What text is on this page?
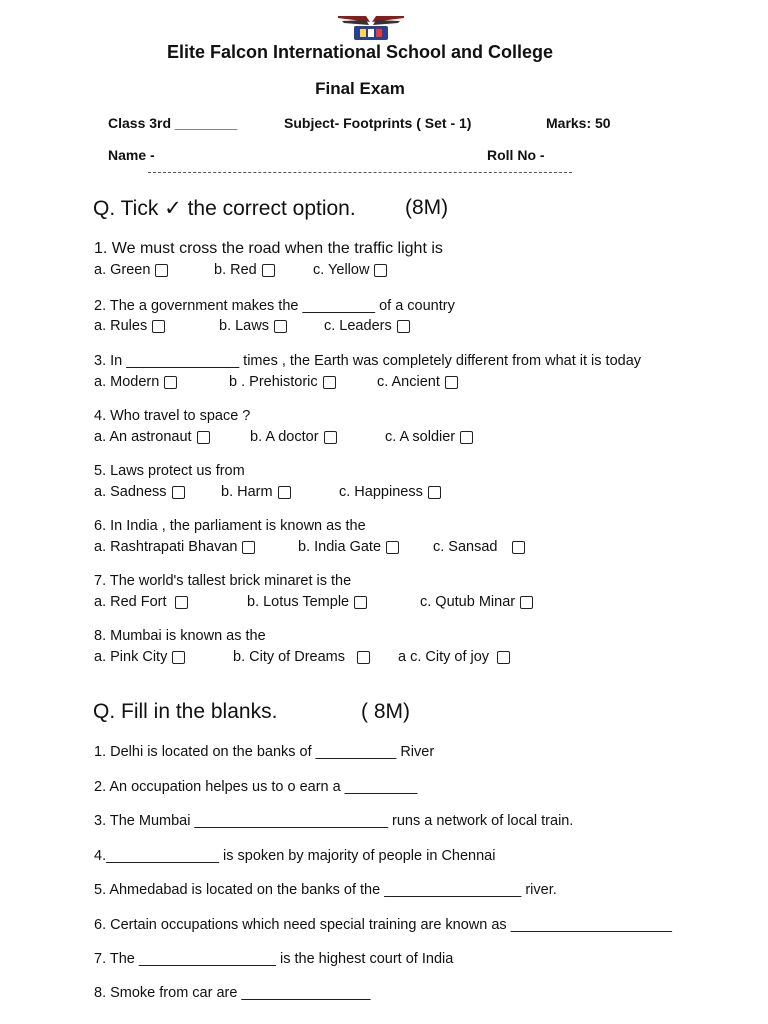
Elite Falcon International School and College
Final Exam
Class 3rd ________	Subject- Footprints ( Set - 1)	Marks: 50
Name -	Roll No -
Q. Tick ✓ the correct option. (8M)
1. We must cross the road when the traffic light is
a. Green	b. Red	c. Yellow
2. The a government makes the _________ of a country
a. Rules	b. Laws	c. Leaders
3. In ______________ times , the Earth was completely different from what it is today
a. Modern	b . Prehistoric	c. Ancient
4. Who travel to space ?
a. An astronaut	b. A doctor	c. A soldier
5. Laws protect us from
a. Sadness	b. Harm	c. Happiness
6. In India , the parliament is known as the
a. Rashtrapati Bhavan	b. India Gate	c. Sansad
7. The world's tallest brick minaret is the
a. Red Fort	b. Lotus Temple	c. Qutub Minar
8. Mumbai is known as the
a. Pink City	b. City of Dreams	a c. City of joy
Q. Fill in the blanks.	( 8M)
1. Delhi is located on the banks of __________ River
2. An occupation helpes us to o earn a _________
3. The Mumbai ________________________ runs a network of local train.
4.______________ is spoken by majority of people in Chennai
5. Ahmedabad is located on the banks of the _________________ river.
6. Certain occupations which need special training are known as ____________________
7. The _________________ is the highest court of India
8. Smoke from car are ________________
